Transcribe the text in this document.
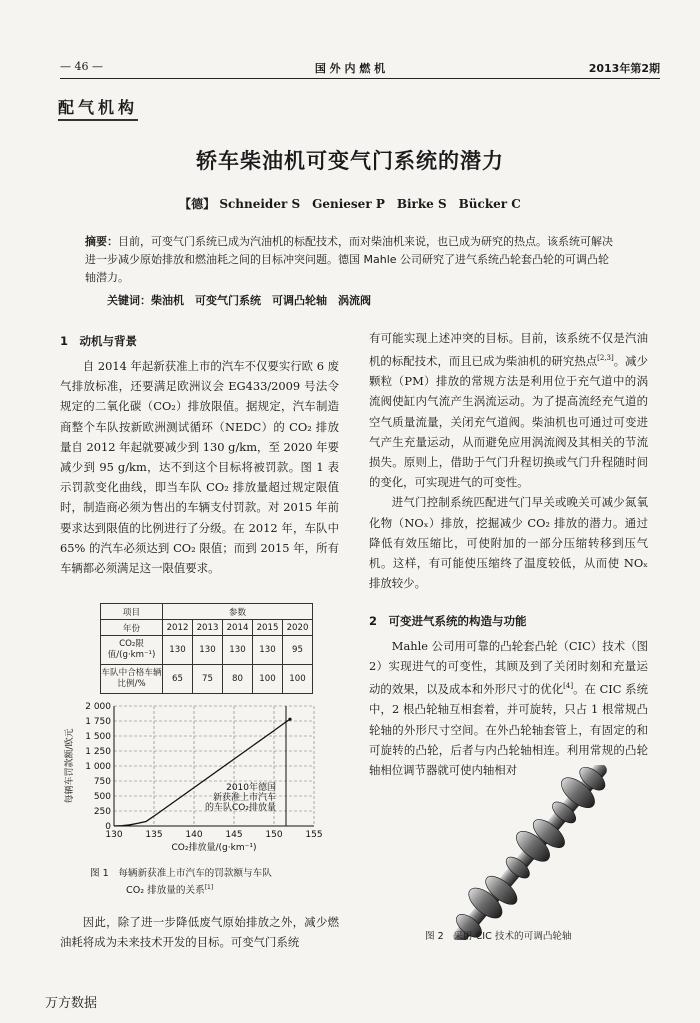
— 46 —	国 外 内 燃 机	2013年第2期
配气机构
轿车柴油机可变气门系统的潜力
【德】 Schneider S　Genieser P　Birke S　Bücker C
摘要：目前，可变气门系统已成为汽油机的标配技术，而对柴油机来说，也已成为研究的热点。该系统可解决进一步减少原始排放和燃油耗之间的目标冲突问题。德国 Mahle 公司研究了进气系统凸轮套凸轮的可调凸轮轴潜力。
关键词：柴油机　可变气门系统　可调凸轮轴　涡流阀
1　动机与背景

自 2014 年起新获准上市的汽车不仅要实行欧 6 废气排放标准，还要满足欧洲议会 EG433/2009 号法令规定的二氧化碳（CO₂）排放限值。据规定，汽车制造商整个车队按新欧洲测试循环（NEDC）的 CO₂ 排放量自 2012 年起就要减少到 130 g/km，至 2020 年要减少到 95 g/km，达不到这个目标将被罚款。图 1 表示罚款变化曲线，即当车队 CO₂ 排放量超过规定限值时，制造商必须为售出的车辆支付罚款。对 2015 年前要求达到限值的比例进行了分级。在 2012 年，车队中 65% 的汽车必须达到 CO₂ 限值；而到 2015 年，所有车辆都必须满足这一限值要求。

项目	参数				
年份	2012	2013	2014	2015	2020
CO₂限值/(g·km⁻¹)	130	130	130	130	95
车队中合格车辆比例/%	65	75	80	100	100
0
250
500
750
1 000
1 250
1 500
1 750
2 000
130	135	140	145	150	155
2010年德国新获准上市汽车的车队CO₂排放量
CO₂排放量/(g·km⁻¹)
每辆车罚款额/欧元
图 1　每辆新获准上市汽车的罚款额与车队
CO₂ 排放量的关系[1]

因此，除了进一步降低废气原始排放之外，减少燃油耗将成为未来技术开发的目标。可变气门系统

有可能实现上述冲突的目标。目前，该系统不仅是汽油机的标配技术，而且已成为柴油机的研究热点[2,3]。减少颗粒（PM）排放的常规方法是利用位于充气道中的涡流阀使缸内气流产生涡流运动。为了提高流经充气道的空气质量流量，关闭充气道阀。柴油机也可通过可变进气产生充量运动，从而避免应用涡流阀及其相关的节流损失。原则上，借助于气门升程切换或气门升程随时间的变化，可实现进气的可变性。

进气门控制系统匹配进气门早关或晚关可减少氮氧化物（NOₓ）排放，挖掘减少 CO₂ 排放的潜力。通过降低有效压缩比，可使附加的一部分压缩转移到压气机。这样，有可能使压缩终了温度较低，从而使 NOₓ 排放较少。

2　可变进气系统的构造与功能

Mahle 公司用可靠的凸轮套凸轮（CIC）技术（图 2）实现进气的可变性，其顾及到了关闭时刻和充量运动的效果，以及成本和外形尺寸的优化[4]。在 CIC 系统中，2 根凸轮轴互相套着，并可旋转，只占 1 根常规凸轮轴的外形尺寸空间。在外凸轮轴套管上，有固定的和可旋转的凸轮，后者与内凸轮轴相连。利用常规的凸轮轴相位调节器就可使内轴相对

图 2　采用 CIC 技术的可调凸轮轴
万方数据
